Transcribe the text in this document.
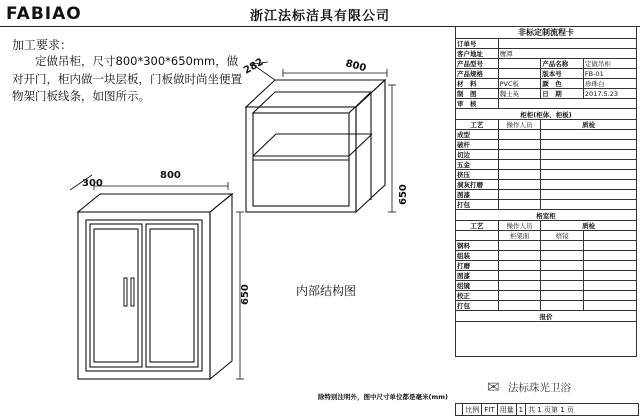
FABIAO	浙江法标洁具有限公司
加工要求：
定做吊柜，尺寸800*300*650mm，做对开门，柜内做一块层板，门板做时尚坐便置物架门板线条，如图所示。
800
300
650
800
282
650
内部结构图
除特别注明外，图中尺寸单位都是毫米(mm)
✉ 法标珠光卫浴
非标定制流程卡			
订单号			
客户地址	鹰潭		
产品型号		产品名称	定做吊柜
产品规格		版本号	FB-01
材　料	PVC板	颜　色	珍珠白
制　图	魏士英	日　期	2017.5.23
审　核			
柜柜(柜体、柜板)			
工艺	操作人员	质检	
成型			
破杆			
切边			
五金			
挤压			
洞灰打磨			
图漆			
打包			
格室柜			
工艺	操作人员	质检	
	柜架面	格镜	
钢料			
组装			
打磨			
图漆			
组镜			
校正			
打包			
报价			

比例 FIT 用量 1 共 1 页第 1 页
